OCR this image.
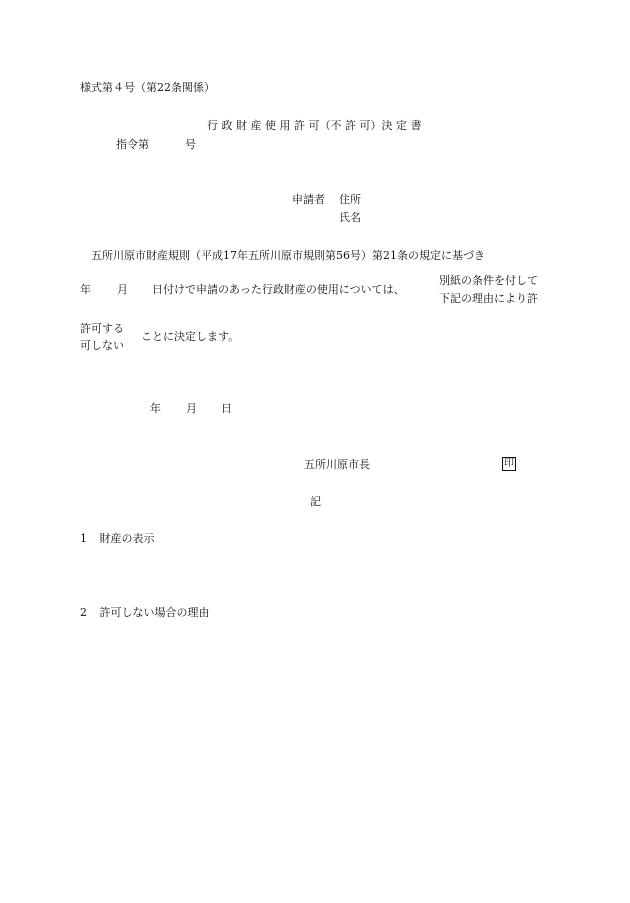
様式第４号（第22条関係）
行 政 財 産 使 用 許 可（不 許 可）決 定 書
指令第	号
申請者 住所
氏名
五所川原市財産規則（平成17年五所川原市規則第56号）第21条の規定に基づき
年 月 日付けで申請のあった行政財産の使用については、
別紙の条件を付して
下記の理由により許
許可する
可しない
ことに決定します。
年 月 日
五所川原市長	印
記
1 財産の表示
2 許可しない場合の理由
